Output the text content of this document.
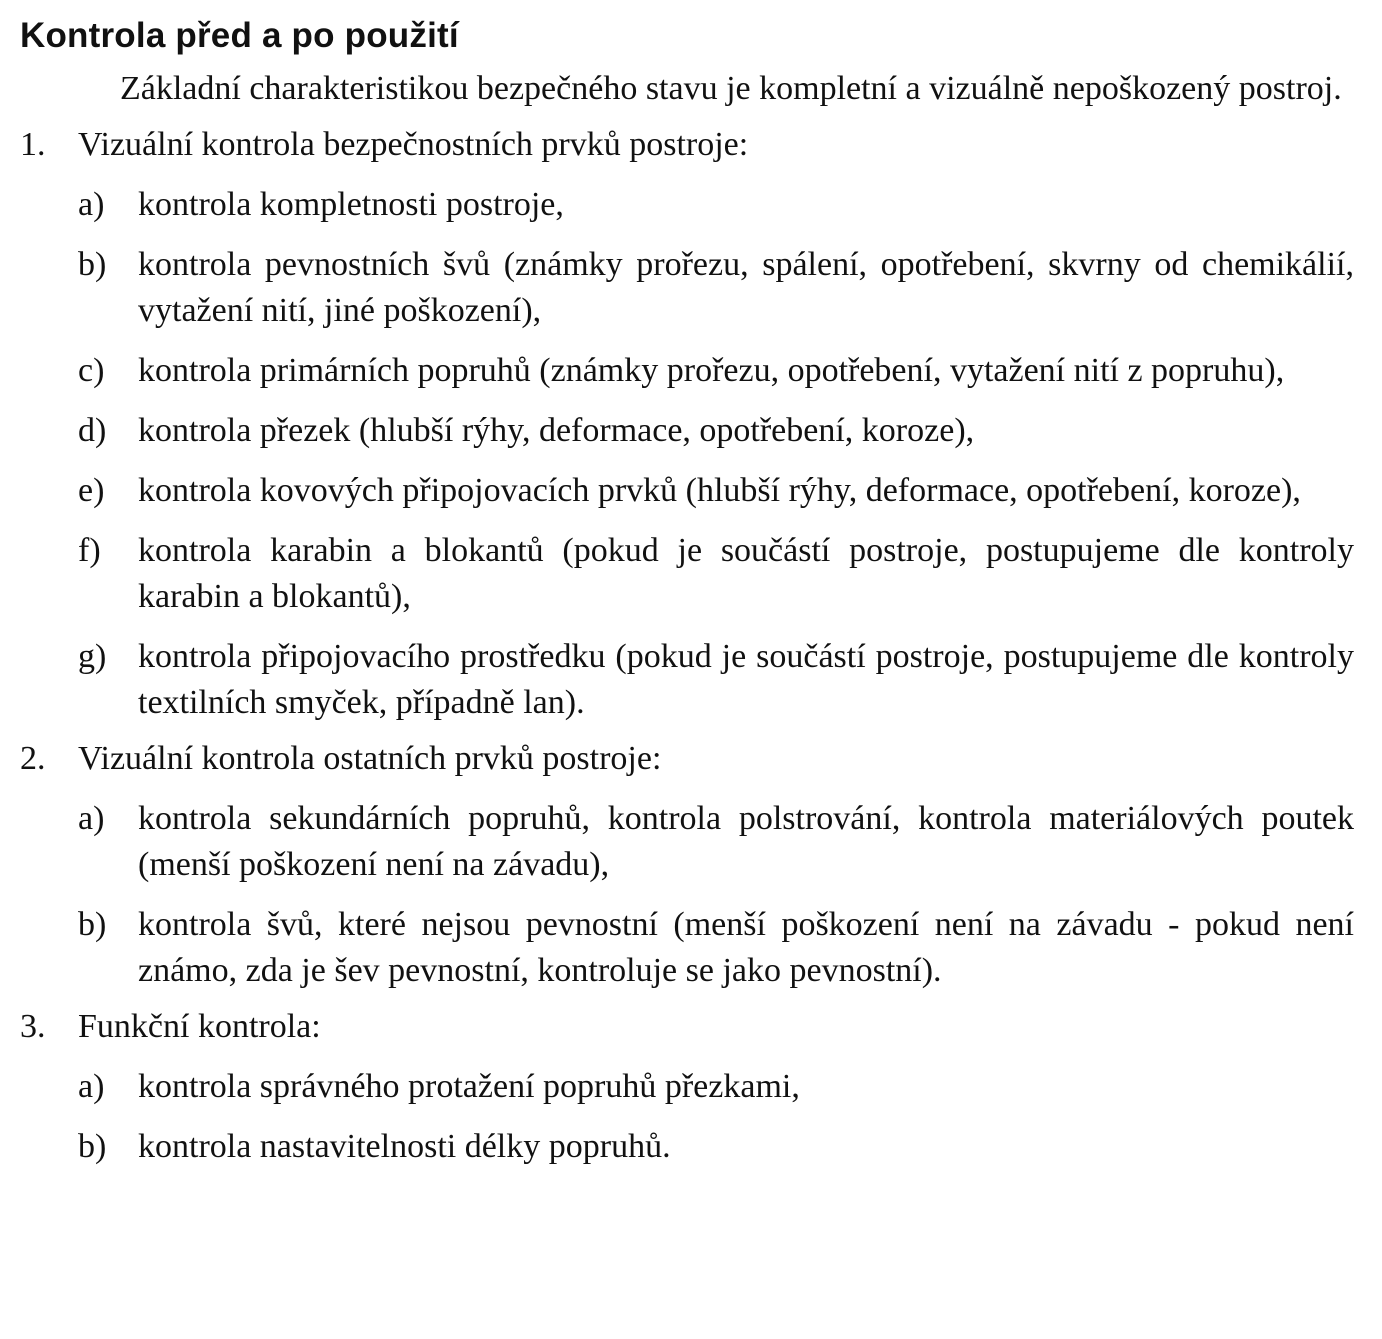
Kontrola před a po použití

Základní charakteristikou bezpečného stavu je kompletní a vizuálně nepoškozený postroj.

1. Vizuální kontrola bezpečnostních prvků postroje:
a) kontrola kompletnosti postroje,
b) kontrola pevnostních švů (známky prořezu, spálení, opotřebení, skvrny od chemikálií, vytažení nití, jiné poškození),
c) kontrola primárních popruhů (známky prořezu, opotřebení, vytažení nití z popruhu),
d) kontrola přezek (hlubší rýhy, deformace, opotřebení, koroze),
e) kontrola kovových připojovacích prvků (hlubší rýhy, deformace, opotřebení, koroze),
f)	kontrola karabin a blokantů (pokud je součástí postroje, postupujeme dle kontroly karabin a blokantů),
g) kontrola připojovacího prostředku (pokud je součástí postroje, postupujeme dle kontroly textilních smyček, případně lan).
2. Vizuální kontrola ostatních prvků postroje:
a) kontrola sekundárních popruhů, kontrola polstrování, kontrola materiálových poutek (menší poškození není na závadu),
b) kontrola švů, které nejsou pevnostní (menší poškození není na závadu - pokud není známo, zda je šev pevnostní, kontroluje se jako pevnostní).
3. Funkční kontrola:
a) kontrola správného protažení popruhů přezkami,
b) kontrola nastavitelnosti délky popruhů.
